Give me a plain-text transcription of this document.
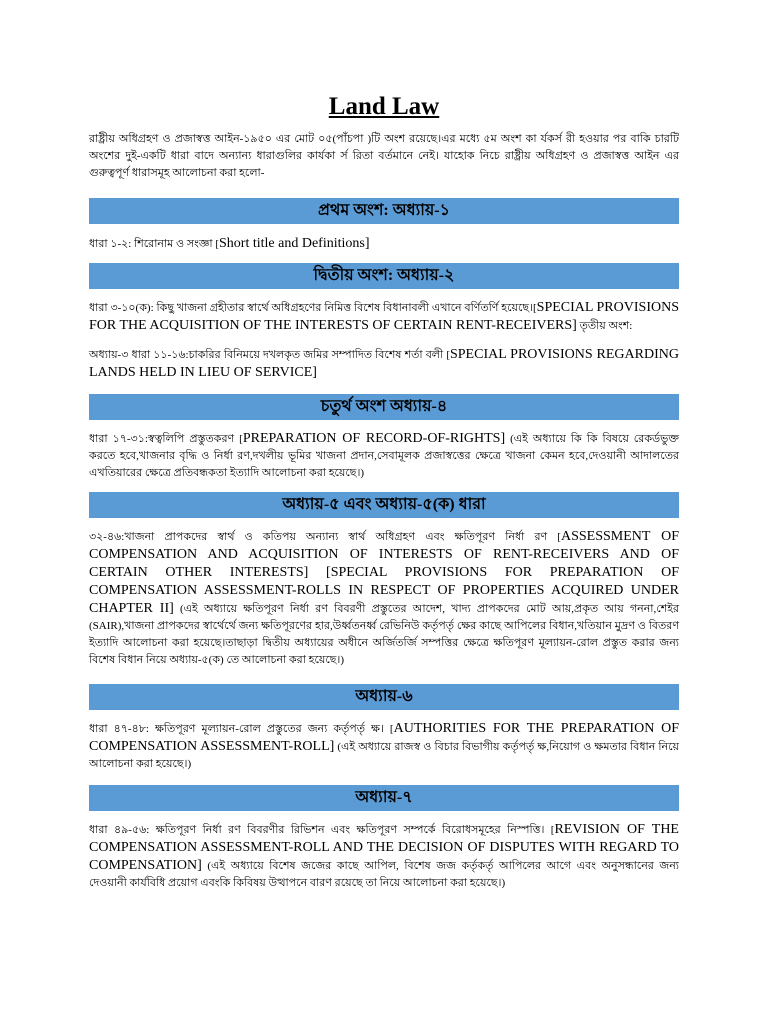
Land Law
রাষ্ট্রীয় অধিগ্রহণ ও প্রজাস্বত্ত আইন-১৯৫০ এর মোট ০৫(পাঁচপা )টি অংশ রয়েছে।এর মধ্যে ৫ম অংশ কা র্যকর্স রী হওয়ার পর বাকি চারটি অংশের দুই-একটি ধারা বাদে অন্যান্য ধারাগুলির কার্যকা র্স রিতা বর্তমানে নেই। যাহোক নিচে রাষ্ট্রীয় অধিগ্রহণ ও প্রজাস্বত্ত আইন এর গুরুত্বপূর্ণ ধারাসমূহ আলোচনা করা হলো-
প্রথম অংশ: অধ্যায়-১
ধারা ১-২: শিরোনাম ও সংজ্ঞা [Short title and Definitions]
দ্বিতীয় অংশ: অধ্যায়-২
ধারা ৩-১০(ক): কিছু খাজনা গ্রহীতার স্বার্থে অধিগ্রহণের নিমিত্ত বিশেষ বিধানাবলী এখানে বর্ণিতর্ণি হয়েছে।[SPECIAL PROVISIONS FOR THE ACQUISITION OF THE INTERESTS OF CERTAIN RENT-RECEIVERS] তৃতীয় অংশ:
অধ্যায়-৩ ধারা ১১-১৬:চাকরির বিনিময়ে দখলকৃত জমির সম্পাদিত বিশেষ শর্তা বলী [SPECIAL PROVISIONS REGARDING LANDS HELD IN LIEU OF SERVICE]
চতুর্থ অংশ অধ্যায়-৪
ধারা ১৭-৩১:স্বত্বলিপি প্রস্তুতকরণ [PREPARATION OF RECORD-OF-RIGHTS] (এই অধ্যায়ে কি কি বিষয়ে রেকর্ডভুক্ত করতে হবে,খাজনার বৃদ্ধি ও নির্ধা রণ,দখলীয় ভূমির খাজনা প্রদান,সেবামূলক প্রজাস্বত্তের ক্ষেত্রে খাজনা কেমন হবে,দেওয়ানী আদালতের এখতিয়ারের ক্ষেত্রে প্রতিবন্ধকতা ইত্যাদি আলোচনা করা হয়েছে।)
অধ্যায়-৫ এবং অধ্যায়-৫(ক) ধারা
৩২-৪৬:খাজনা প্রাপকদের স্বার্থ ও কতিপয় অন্যান্য স্বার্থ অধিগ্রহণ এবং ক্ষতিপূরণ নির্ধা রণ [ASSESSMENT OF COMPENSATION AND ACQUISITION OF INTERESTS OF RENT-RECEIVERS AND OF CERTAIN OTHER INTERESTS] [SPECIAL PROVISIONS FOR PREPARATION OF COMPENSATION ASSESSMENT-ROLLS IN RESPECT OF PROPERTIES ACQUIRED UNDER CHAPTER II] (এই অধ্যায়ে ক্ষতিপূরণ নির্ধা রণ বিবরণী প্রস্তুতের আদেশ, খাদ্য প্রাপকদের মোট আয়,প্রকৃত আয় গননা,শেইর (SAIR),খাজনা প্রাপকদের স্বার্থের্থে জন্য ক্ষতিপূরণের হার,উর্ধ্বতনর্ধ্ব রেভিনিউ কর্তৃপর্তৃ ক্ষের কাছে আপিলের বিধান,খতিয়ান মুদ্রণ ও বিতরণ ইত্যাদি আলোচনা করা হয়েছে।তাছাড়া দ্বিতীয় অধ্যায়ের অধীনে অর্জিতর্জি সম্পত্তির ক্ষেত্রে ক্ষতিপূরণ মূল্যায়ন-রোল প্রস্তুত করার জন্য বিশেষ বিধান নিয়ে অধ্যায়-৫(ক) তে আলোচনা করা হয়েছে।)
অধ্যায়-৬
ধারা ৪৭-৪৮: ক্ষতিপূরণ মূল্যায়ন-রোল প্রস্তুতের জন্য কর্তৃপর্তৃ ক্ষ। [AUTHORITIES FOR THE PREPARATION OF COMPENSATION ASSESSMENT-ROLL] (এই অধ্যায়ে রাজস্ব ও বিচার বিভাগীয় কর্তৃপর্তৃ ক্ষ,নিয়োগ ও ক্ষমতার বিধান নিয়ে আলোচনা করা হয়েছে।)
অধ্যায়-৭
ধারা ৪৯-৫৬: ক্ষতিপূরণ নির্ধা রণ বিবরণীর রিভিশন এবং ক্ষতিপূরণ সম্পর্কে বিরোধসমূহের নিস্পত্তি। [REVISION OF THE COMPENSATION ASSESSMENT-ROLL AND THE DECISION OF DISPUTES WITH REGARD TO COMPENSATION] (এই অধ্যায়ে বিশেষ জজের কাছে আপিল, বিশেষ জজ কর্তৃকর্তৃ আপিলের আগে এবং অনুসন্ধানের জন্য দেওয়ানী কার্যবিধি প্রয়োগ এবংকি কিবিষয় উত্থাপনে বারণ রয়েছে তা নিয়ে আলোচনা করা হয়েছে।)
